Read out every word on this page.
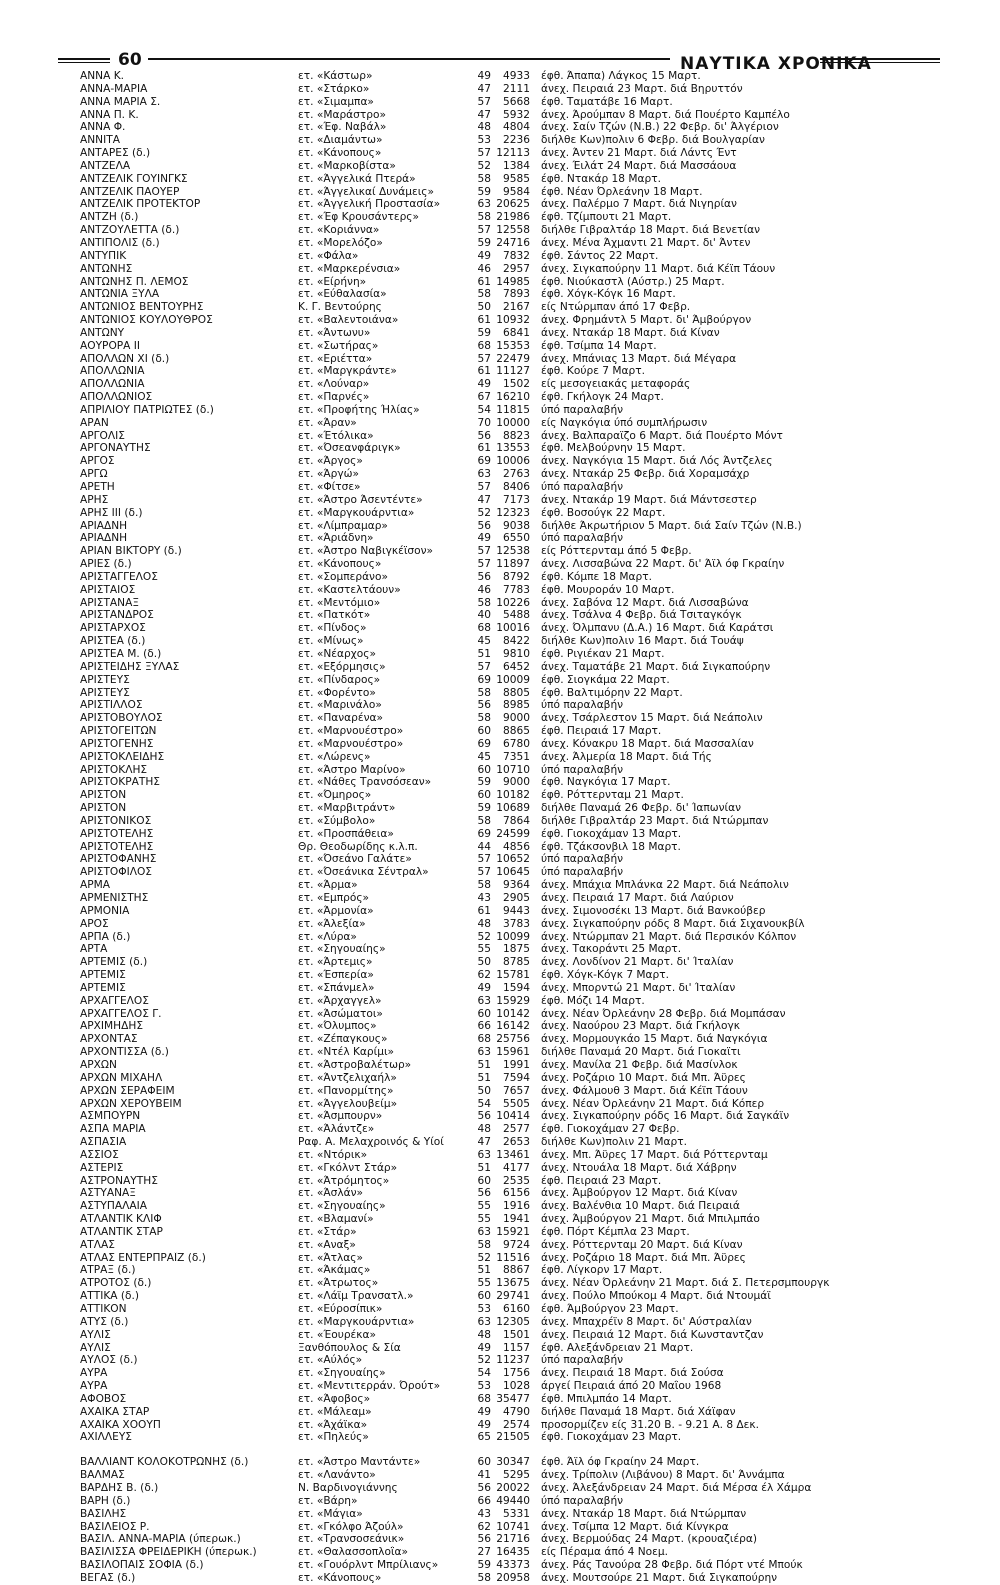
60	ΝΑΥΤΙΚΑ ΧΡΟΝΙΚΑ
ΑΝΝΑ Κ.	ετ. «Κάστωρ»	49	4933 έφθ. Άπαπα) Λάγκος 15 Μαρτ.
ΑΝΝΑ-ΜΑΡΙΑ	ετ. «Στάρκο»	47	2111 άνεχ. Πειραιά 23 Μαρτ. διά Βηρυττόν
ΑΝΝΑ ΜΑΡΙΑ Σ.	ετ. «Σιμαμπα»	57	5668 έφθ. Ταματάβε 16 Μαρτ.
ΑΝΝΑ Π. Κ.	ετ. «Μαράστρο»	47	5932 άνεχ. Άρούμπαν 8 Μαρτ. διά Πουέρτο Καμπέλο
ΑΝΝΑ Φ.	ετ. «Έφ. Ναβάλ»	48	4804 άνεχ. Σαίν Τζών (Ν.Β.) 22 Φεβρ. δι' Άλγέριον
ΑΝΝΙΤΑ	ετ. «Διαμάντω»	53	2236 διήλθε Κων)πολιν 6 Φεβρ. διά Βουλγαρίαν
ΑΝΤΑΡΕΣ (δ.)	ετ. «Κάνοπους»	57 12113 άνεχ. Άντεν 21 Μαρτ. διά Λάντς Έντ
ΑΝΤΖΕΛΑ	ετ. «Μαρκοβίστα»	52	1384 άνεχ. Έιλάτ 24 Μαρτ. διά Μασσάουα
ΑΝΤΖΕΛΙΚ ΓΟΥΙΝΓΚΣ	ετ. «Άγγελικά Πτερά»	58	9585 έφθ. Ντακάρ 18 Μαρτ.
ΑΝΤΖΕΛΙΚ ΠΑΟΥΕΡ	ετ. «Άγγελικαί Δυνάμεις»	59	9584 έφθ. Νέαν Όρλεάνην 18 Μαρτ.
ΑΝΤΖΕΛΙΚ ΠΡΟΤΕΚΤΟΡ	ετ. «Άγγελική Προστασία»	63 20625 άνεχ. Παλέρμο 7 Μαρτ. διά Νιγηρίαν
ΑΝΤΖΗ (δ.)	ετ. «Έφ Κρουσάντερς»	58 21986 έφθ. Τζίμπουτι 21 Μαρτ.
ΑΝΤΖΟΥΛΕΤΤΑ (δ.)	ετ. «Κοριάννα»	57 12558 διήλθε Γιβραλτάρ 18 Μαρτ. διά Βενετίαν
ΑΝΤΙΠΟΛΙΣ (δ.)	ετ. «Μορελόζο»	59 24716 άνεχ. Μένα Άχμαντι 21 Μαρτ. δι' Άντεν
ΑΝΤΥΠΙΚ	ετ. «Φάλα»	49	7832 έφθ. Σάντος 22 Μαρτ.
ΑΝΤΩΝΗΣ	ετ. «Μαρκερένσια»	46	2957 άνεχ. Σιγκαπούρην 11 Μαρτ. διά Κέϊπ Τάουν
ΑΝΤΩΝΗΣ Π. ΛΕΜΟΣ	ετ. «Είρήνη»	61 14985 έφθ. Νιούκαστλ (Αύστρ.) 25 Μαρτ.
ΑΝΤΩΝΙΑ ΞΥΛΑ	ετ. «Εύθαλασία»	58	7893 έφθ. Χόγκ-Κόγκ 16 Μαρτ.
ΑΝΤΩΝΙΟΣ ΒΕΝΤΟΥΡΗΣ	Κ. Γ. Βεντούρης	50	2167 είς Ντώρμπαν άπό 17 Φεβρ.
ΑΝΤΩΝΙΟΣ ΚΟΥΛΟΥΘΡΟΣ	ετ. «Βαλεντοιάνα»	61 10932 άνεχ. Φρημάντλ 5 Μαρτ. δι' Άμβούργον
ΑΝΤΩΝΥ	ετ. «Άντωνυ»	59	6841 άνεχ. Ντακάρ 18 Μαρτ. διά Κίναν
ΑΟΥΡΟΡΑ ΙΙ	ετ. «Σωτήρας»	68 15353 έφθ. Τσίμπα 14 Μαρτ.
ΑΠΟΛΛΩΝ ΧΙ (δ.)	ετ. «Εριέττα»	57 22479 άνεχ. Μπάνιας 13 Μαρτ. διά Μέγαρα
ΑΠΟΛΛΩΝΙΑ	ετ. «Μαργκράντε»	61 11127 έφθ. Κούρε 7 Μαρτ.
ΑΠΟΛΛΩΝΙΑ	ετ. «Λούναρ»	49	1502 είς μεσογειακάς μεταφοράς
ΑΠΟΛΛΩΝΙΟΣ	ετ. «Παρνές»	67 16210 έφθ. Γκήλογκ 24 Μαρτ.
ΑΠΡΙΛΙΟΥ ΠΑΤΡΙΩΤΕΣ (δ.)	ετ. «Προφήτης Ήλίας»	54 11815 ύπό παραλαβήν
ΑΡΑΝ	ετ. «Άραν»	70 10000 είς Ναγκόγια ύπό συμπλήρωσιν
ΑΡΓΟΛΙΣ	ετ. «Έτόλικα»	56	8823 άνεχ. Βαλπαραϊζο 6 Μαρτ. διά Πουέρτο Μόντ
ΑΡΓΟΝΑΥΤΗΣ	ετ. «Όσεανφάριγκ»	61 13553 έφθ. Μελβούρνην 15 Μαρτ.
ΑΡΓΟΣ	ετ. «Άργος»	69 10006 άνεχ. Ναγκόγια 15 Μαρτ. διά Λός Άντζελες
ΑΡΓΩ	ετ. «Άργώ»	63	2763 άνεχ. Ντακάρ 25 Φεβρ. διά Χοραμσάχρ
ΑΡΕΤΗ	ετ. «Φίτσε»	57	8406 ύπό παραλαβήν
ΑΡΗΣ	ετ. «Άστρο Άσεντέντε»	47	7173 άνεχ. Ντακάρ 19 Μαρτ. διά Μάντσεστερ
ΑΡΗΣ ΙΙΙ (δ.)	ετ. «Μαργκουάρντια»	52 12323 έφθ. Βοσούγκ 22 Μαρτ.
ΑΡΙΑΔΝΗ	ετ. «Λίμπραμαρ»	56	9038 διήλθε Άκρωτήριον 5 Μαρτ. διά Σαίν Τζών (Ν.Β.)
ΑΡΙΑΔΝΗ	ετ. «Άριάδνη»	49	6550 ύπό παραλαβήν
ΑΡΙΑΝ ΒΙΚΤΟΡΥ (δ.)	ετ. «Άστρο Ναβιγκέϊσον»	57 12538 είς Ρόττερνταμ άπό 5 Φεβρ.
ΑΡΙΕΣ (δ.)	ετ. «Κάνοπους»	57 11897 άνεχ. Λισσαβώνα 22 Μαρτ. δι' Άϊλ όφ Γκραίην
ΑΡΙΣΤΑΓΓΕΛΟΣ	ετ. «Σομπεράνο»	56	8792 έφθ. Κόμπε 18 Μαρτ.
ΑΡΙΣΤΑΙΟΣ	ετ. «Καστελτάουν»	46	7783 έφθ. Μουροράν 10 Μαρτ.
ΑΡΙΣΤΑΝΑΞ	ετ. «Μεντόμιο»	58 10226 άνεχ. Σαβόνα 12 Μαρτ. διά Λισσαβώνα
ΑΡΙΣΤΑΝΔΡΟΣ	ετ. «Πατκότ»	40	5488 άνεχ. Τσάλνα 4 Φεβρ. διά Τσιταγκόγκ
ΑΡΙΣΤΑΡΧΟΣ	ετ. «Πίνδος»	68 10016 άνεχ. Όλμπανυ (Δ.Α.) 16 Μαρτ. διά Καράτσι
ΑΡΙΣΤΕΑ (δ.)	ετ. «Μίνως»	45	8422 διήλθε Κων)πολιν 16 Μαρτ. διά Τουάψ
ΑΡΙΣΤΕΑ Μ. (δ.)	ετ. «Νέαρχος»	51	9810 έφθ. Ριγιέκαν 21 Μαρτ.
ΑΡΙΣΤΕΙΔΗΣ ΞΥΛΑΣ	ετ. «Εξόρμησις»	57	6452 άνεχ. Ταματάβε 21 Μαρτ. διά Σιγκαπούρην
ΑΡΙΣΤΕΥΣ	ετ. «Πίνδαρος»	69 10009 έφθ. Σιογκάμα 22 Μαρτ.
ΑΡΙΣΤΕΥΣ	ετ. «Φορέντο»	58	8805 έφθ. Βαλτιμόρην 22 Μαρτ.
ΑΡΙΣΤΙΛΛΟΣ	ετ. «Μαρινάλο»	56	8985 ύπό παραλαβήν
ΑΡΙΣΤΟΒΟΥΛΟΣ	ετ. «Παναρένα»	58	9000 άνεχ. Τσάρλεστον 15 Μαρτ. διά Νεάπολιν
ΑΡΙΣΤΟΓΕΙΤΩΝ	ετ. «Μαρνουέστρο»	60	8865 έφθ. Πειραιά 17 Μαρτ.
ΑΡΙΣΤΟΓΕΝΗΣ	ετ. «Μαρνουέστρο»	69	6780 άνεχ. Κόνακρυ 18 Μαρτ. διά Μασσαλίαν
ΑΡΙΣΤΟΚΛΕΙΔΗΣ	ετ. «Λώρενς»	45	7351 άνεχ. Άλμερία 18 Μαρτ. διά Τής
ΑΡΙΣΤΟΚΛΗΣ	ετ. «Άστρο Μαρίνο»	60 10710 ύπό παραλαβήν
ΑΡΙΣΤΟΚΡΑΤΗΣ	ετ. «Νάθες Τρανσόσεαν»	59	9000 έφθ. Ναγκόγια 17 Μαρτ.
ΑΡΙΣΤΟΝ	ετ. «Όμηρος»	60 10182 έφθ. Ρόττερνταμ 21 Μαρτ.
ΑΡΙΣΤΟΝ	ετ. «Μαρβιτράντ»	59 10689 διήλθε Παναμά 26 Φεβρ. δι' Ίαπωνίαν
ΑΡΙΣΤΟΝΙΚΟΣ	ετ. «Σύμβολο»	58	7864 διήλθε Γιβραλτάρ 23 Μαρτ. διά Ντώρμπαν
ΑΡΙΣΤΟΤΕΛΗΣ	ετ. «Προσπάθεια»	69 24599 έφθ. Γιοκοχάμαν 13 Μαρτ.
ΑΡΙΣΤΟΤΕΛΗΣ	Θρ. Θεοδωρίδης κ.λ.π.	44	4856 έφθ. Τζάκσονβιλ 18 Μαρτ.
ΑΡΙΣΤΟΦΑΝΗΣ	ετ. «Όσεάνο Γαλάτε»	57 10652 ύπό παραλαβήν
ΑΡΙΣΤΟΦΙΛΟΣ	ετ. «Όσεάνικα Σέντραλ»	57 10645 ύπό παραλαβήν
ΑΡΜΑ	ετ. «Άρμα»	58	9364 άνεχ. Μπάχια Μπλάνκα 22 Μαρτ. διά Νεάπολιν
ΑΡΜΕΝΙΣΤΗΣ	ετ. «Εμπρός»	43	2905 άνεχ. Πειραιά 17 Μαρτ. διά Λαύριον
ΑΡΜΟΝΙΑ	ετ. «Άρμονία»	61	9443 άνεχ. Σιμονοσέκι 13 Μαρτ. διά Βανκούβερ
ΑΡΟΣ	ετ. «Άλεξία»	48	3783 άνεχ. Σιγκαπούρην ρόδς 8 Μαρτ. διά Σιχανουκβίλ
ΑΡΠΑ (δ.)	ετ. «Λύρα»	52 10099 άνεχ. Ντώρμπαν 21 Μαρτ. διά Περσικόν Κόλπον
ΑΡΤΑ	ετ. «Σηγουαίης»	55	1875 άνεχ. Τακοράντι 25 Μαρτ.
ΑΡΤΕΜΙΣ (δ.)	ετ. «Άρτεμις»	50	8785 άνεχ. Λονδίνον 21 Μαρτ. δι' Ίταλίαν
ΑΡΤΕΜΙΣ	ετ. «Έσπερία»	62 15781 έφθ. Χόγκ-Κόγκ 7 Μαρτ.
ΑΡΤΕΜΙΣ	ετ. «Σπάνμελ»	49	1594 άνεχ. Μπορντώ 21 Μαρτ. δι' Ίταλίαν
ΑΡΧΑΓΓΕΛΟΣ	ετ. «Άρχαγγελ»	63 15929 έφθ. Μόζι 14 Μαρτ.
ΑΡΧΑΓΓΕΛΟΣ Γ.	ετ. «Άσώματοι»	60 10142 άνεχ. Νέαν Όρλεάνην 28 Φεβρ. διά Μομπάσαν
ΑΡΧΙΜΗΔΗΣ	ετ. «Όλυμπος»	66 16142 άνεχ. Ναούρου 23 Μαρτ. διά Γκήλογκ
ΑΡΧΟΝΤΑΣ	ετ. «Ζέπαγκους»	68 25756 άνεχ. Μορμουγκάο 15 Μαρτ. διά Ναγκόγια
ΑΡΧΟΝΤΙΣΣΑ (δ.)	ετ. «Ντέλ Καρίμι»	63 15961 διήλθε Παναμά 20 Μαρτ. διά Γιοκαϊτι
ΑΡΧΩΝ	ετ. «Άστροβαλέτωρ»	51	1991 άνεχ. Μανίλα 21 Φεβρ. διά Μασίνλοκ
ΑΡΧΩΝ ΜΙΧΑΗΛ	ετ. «Άντζελιχαήλ»	51	7594 άνεχ. Ροζάριο 10 Μαρτ. διά Μπ. Άϋρες
ΑΡΧΩΝ ΣΕΡΑΦΕΙΜ	ετ. «Πανορμίτης»	50	7657 άνεχ. Φάλμουθ 3 Μαρτ. διά Κέϊπ Τάουν
ΑΡΧΩΝ ΧΕΡΟΥΒΕΙΜ	ετ. «Άγγελουβείμ»	54	5505 άνεχ. Νέαν Όρλεάνην 21 Μαρτ. διά Κόπερ
ΑΣΜΠΟΥΡΝ	ετ. «Άσμπουρν»	56 10414 άνεχ. Σιγκαπούρην ρόδς 16 Μαρτ. διά Σαγκάϊν
ΑΣΠΑ ΜΑΡΙΑ	ετ. «Άλάντζε»	48	2577 έφθ. Γιοκοχάμαν 27 Φεβρ.
ΑΣΠΑΣΙΑ	Ραφ. Α. Μελαχροινός & Υίοί	47	2653 διήλθε Κων)πολιν 21 Μαρτ.
ΑΣΣΙΟΣ	ετ. «Ντόρικ»	63 13461 άνεχ. Μπ. Άϋρες 17 Μαρτ. διά Ρόττερνταμ
ΑΣΤΕΡΙΣ	ετ. «Γκόλντ Στάρ»	51	4177 άνεχ. Ντουάλα 18 Μαρτ. διά Χάβρην
ΑΣΤΡΟΝΑΥΤΗΣ	ετ. «Άτρόμητος»	60	2535 έφθ. Πειραιά 23 Μαρτ.
ΑΣΤΥΑΝΑΞ	ετ. «Άσλάν»	56	6156 άνεχ. Άμβούργον 12 Μαρτ. διά Κίναν
ΑΣΤΥΠΑΛΑΙΑ	ετ. «Σηγουαίης»	55	1916 άνεχ. Βαλένθια 10 Μαρτ. διά Πειραιά
ΑΤΛΑΝΤΙΚ ΚΛΙΦ	ετ. «Βλαμανί»	55	1941 άνεχ. Άμβούργον 21 Μαρτ. διά Μπιλμπάο
ΑΤΛΑΝΤΙΚ ΣΤΑΡ	ετ. «Στάρ»	63 15921 έφθ. Πόρτ Κέμπλα 23 Μαρτ.
ΑΤΛΑΣ	ετ. «Αναξ»	58	9724 άνεχ. Ρόττερνταμ 20 Μαρτ. διά Κίναν
ΑΤΛΑΣ ΕΝΤΕΡΠΡΑΪΖ (δ.)	ετ. «Άτλας»	52 11516 άνεχ. Ροζάριο 18 Μαρτ. διά Μπ. Άϋρες
ΑΤΡΑΞ (δ.)	ετ. «Άκάμας»	51	8867 έφθ. Λίγκορν 17 Μαρτ.
ΑΤΡΟΤΟΣ (δ.)	ετ. «Άτρωτος»	55 13675 άνεχ. Νέαν Όρλεάνην 21 Μαρτ. διά Σ. Πετερσμπουργκ
ΑΤΤΙΚΑ (δ.)	ετ. «Λάϊμ Τρανσατλ.»	60 29741 άνεχ. Πούλο Μπούκομ 4 Μαρτ. διά Ντουμάϊ
ΑΤΤΙΚΟΝ	ετ. «Εύροσίπικ»	53	6160 έφθ. Άμβούργον 23 Μαρτ.
ΑΤΥΣ (δ.)	ετ. «Μαργκουάρντια»	63 12305 άνεχ. Μπαχρέϊν 8 Μαρτ. δι' Αύστραλίαν
ΑΥΛΙΣ	ετ. «Έουρέκα»	48	1501 άνεχ. Πειραιά 12 Μαρτ. διά Κωνσταντζαν
ΑΥΛΙΣ	Ξανθόπουλος & Σία	49	1157 έφθ. Αλεξάνδρειαν 21 Μαρτ.
ΑΥΛΟΣ (δ.)	ετ. «Αύλός»	52 11237 ύπό παραλαβήν
ΑΥΡΑ	ετ. «Σηγουαίης»	54	1756 άνεχ. Πειραιά 18 Μαρτ. διά Σούσα
ΑΥΡΑ	ετ. «Μεντιτερράν. Όρούτ»	53	1028 άργεί Πειραιά άπό 20 Μαΐου 1968
ΑΦΟΒΟΣ	ετ. «Άφοβος»	68 35477 έφθ. Μπιλμπάο 14 Μαρτ.
ΑΧΑΪΚΑ ΣΤΑΡ	ετ. «Μάλεαμ»	49	4790 διήλθε Παναμά 18 Μαρτ. διά Χάϊφαν
ΑΧΑΪΚΑ ΧΟΟΥΠ	ετ. «Άχάϊκα»	49	2574 προσορμίζεν είς 31.20 Β. - 9.21 Α. 8 Δεκ.
ΑΧΙΛΛΕΥΣ	ετ. «Πηλεύς»	65 21505 έφθ. Γιοκοχάμαν 23 Μαρτ.
ΒΑΛΛΙΑΝΤ ΚΟΛΟΚΟΤΡΩΝΗΣ (δ.)	ετ. «Άστρο Μαντάντε»	60 30347 έφθ. Άϊλ όφ Γκραίην 24 Μαρτ.
ΒΑΛΜΑΣ	ετ. «Λανάντο»	41	5295 άνεχ. Τρίπολιν (Λιβάνου) 8 Μαρτ. δι' Άννάμπα
ΒΑΡΔΗΣ Β. (δ.)	Ν. Βαρδινογιάννης	56 20022 άνεχ. Άλεξάνδρειαν 24 Μαρτ. διά Μέρσα έλ Χάμρα
ΒΑΡΗ (δ.)	ετ. «Βάρη»	66 49440 ύπό παραλαβήν
ΒΑΣΙΛΗΣ	ετ. «Μάγια»	43	5331 άνεχ. Ντακάρ 18 Μαρτ. διά Ντώρμπαν
ΒΑΣΙΛΕΙΟΣ Ρ.	ετ. «Γκόλφο Άζούλ»	62 10741 άνεχ. Τσίμπα 12 Μαρτ. διά Κίνγκρα
ΒΑΣΙΛ. ΑΝΝΑ-ΜΑΡΙΑ (ύπερωκ.)	ετ. «Τρανσοσεάνικ»	56 21716 άνεχ. Βερμούδας 24 Μαρτ. (κρουαζιέρα)
ΒΑΣΙΛΙΣΣΑ ΦΡΕΙΔΕΡΙΚΗ (ύπερωκ.)	ετ. «Θαλασσοπλοΐα»	27 16435 είς Πέραμα άπό 4 Νοεμ.
ΒΑΣΙΛΟΠΑΙΣ ΣΟΦΙΑ (δ.)	ετ. «Γουόρλντ Μπρίλιανς»	59 43373 άνεχ. Ράς Τανούρα 28 Φεβρ. διά Πόρτ ντέ Μπούκ
ΒΕΓΑΣ (δ.)	ετ. «Κάνοπους»	58 20958 άνεχ. Μουτσούρε 21 Μαρτ. διά Σιγκαπούρην
